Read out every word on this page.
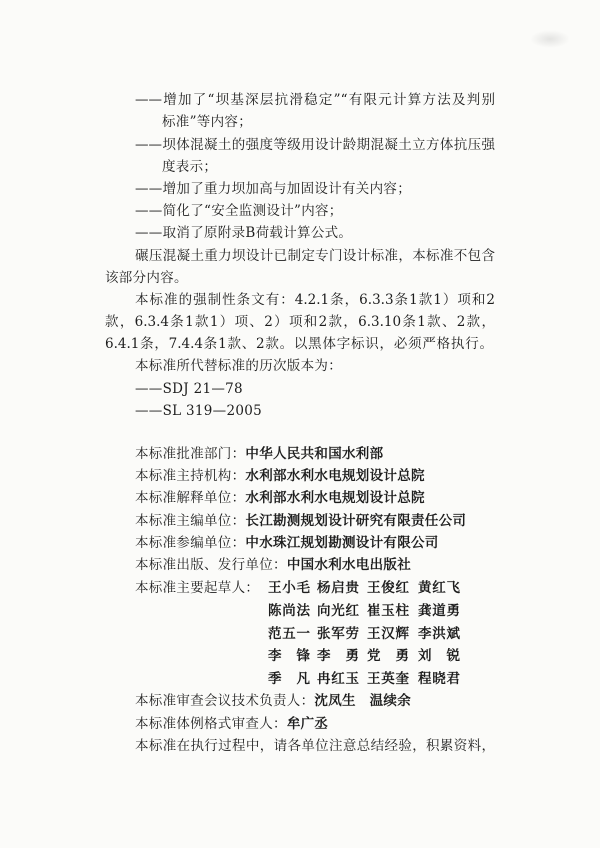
——增加了“坝基深层抗滑稳定”“有限元计算方法及判别
标准”等内容；
——坝体混凝土的强度等级用设计龄期混凝土立方体抗压强
度表示；
——增加了重力坝加高与加固设计有关内容；
——简化了“安全监测设计”内容；
——取消了原附录B荷载计算公式。
碾压混凝土重力坝设计已制定专门设计标准，本标准不包含
该部分内容。
本标准的强制性条文有：4.2.1条，6.3.3条1款1）项和2
款，6.3.4条1款1）项、2）项和2款，6.3.10条1款、2款，
6.4.1条，7.4.4条1款、2款。以黑体字标识，必须严格执行。
本标准所代替标准的历次版本为：
——SDJ 21—78
——SL 319—2005
本标准批准部门：中华人民共和国水利部
本标准主持机构：水利部水利水电规划设计总院
本标准解释单位：水利部水利水电规划设计总院
本标准主编单位：长江勘测规划设计研究有限责任公司
本标准参编单位：中水珠江规划勘测设计有限公司
本标准出版、发行单位：中国水利水电出版社
本标准主要起草人： 王小毛 杨启贵 王俊红 黄红飞
陈尚法 向光红 崔玉柱 龚道勇
范五一 张军劳 王汉辉 李洪斌
李　锋 李　勇 党　勇 刘　锐
季　凡 冉红玉 王英奎 程晓君
本标准审查会议技术负责人：沈凤生　温续余
本标准体例格式审查人：牟广丞
本标准在执行过程中，请各单位注意总结经验，积累资料，
